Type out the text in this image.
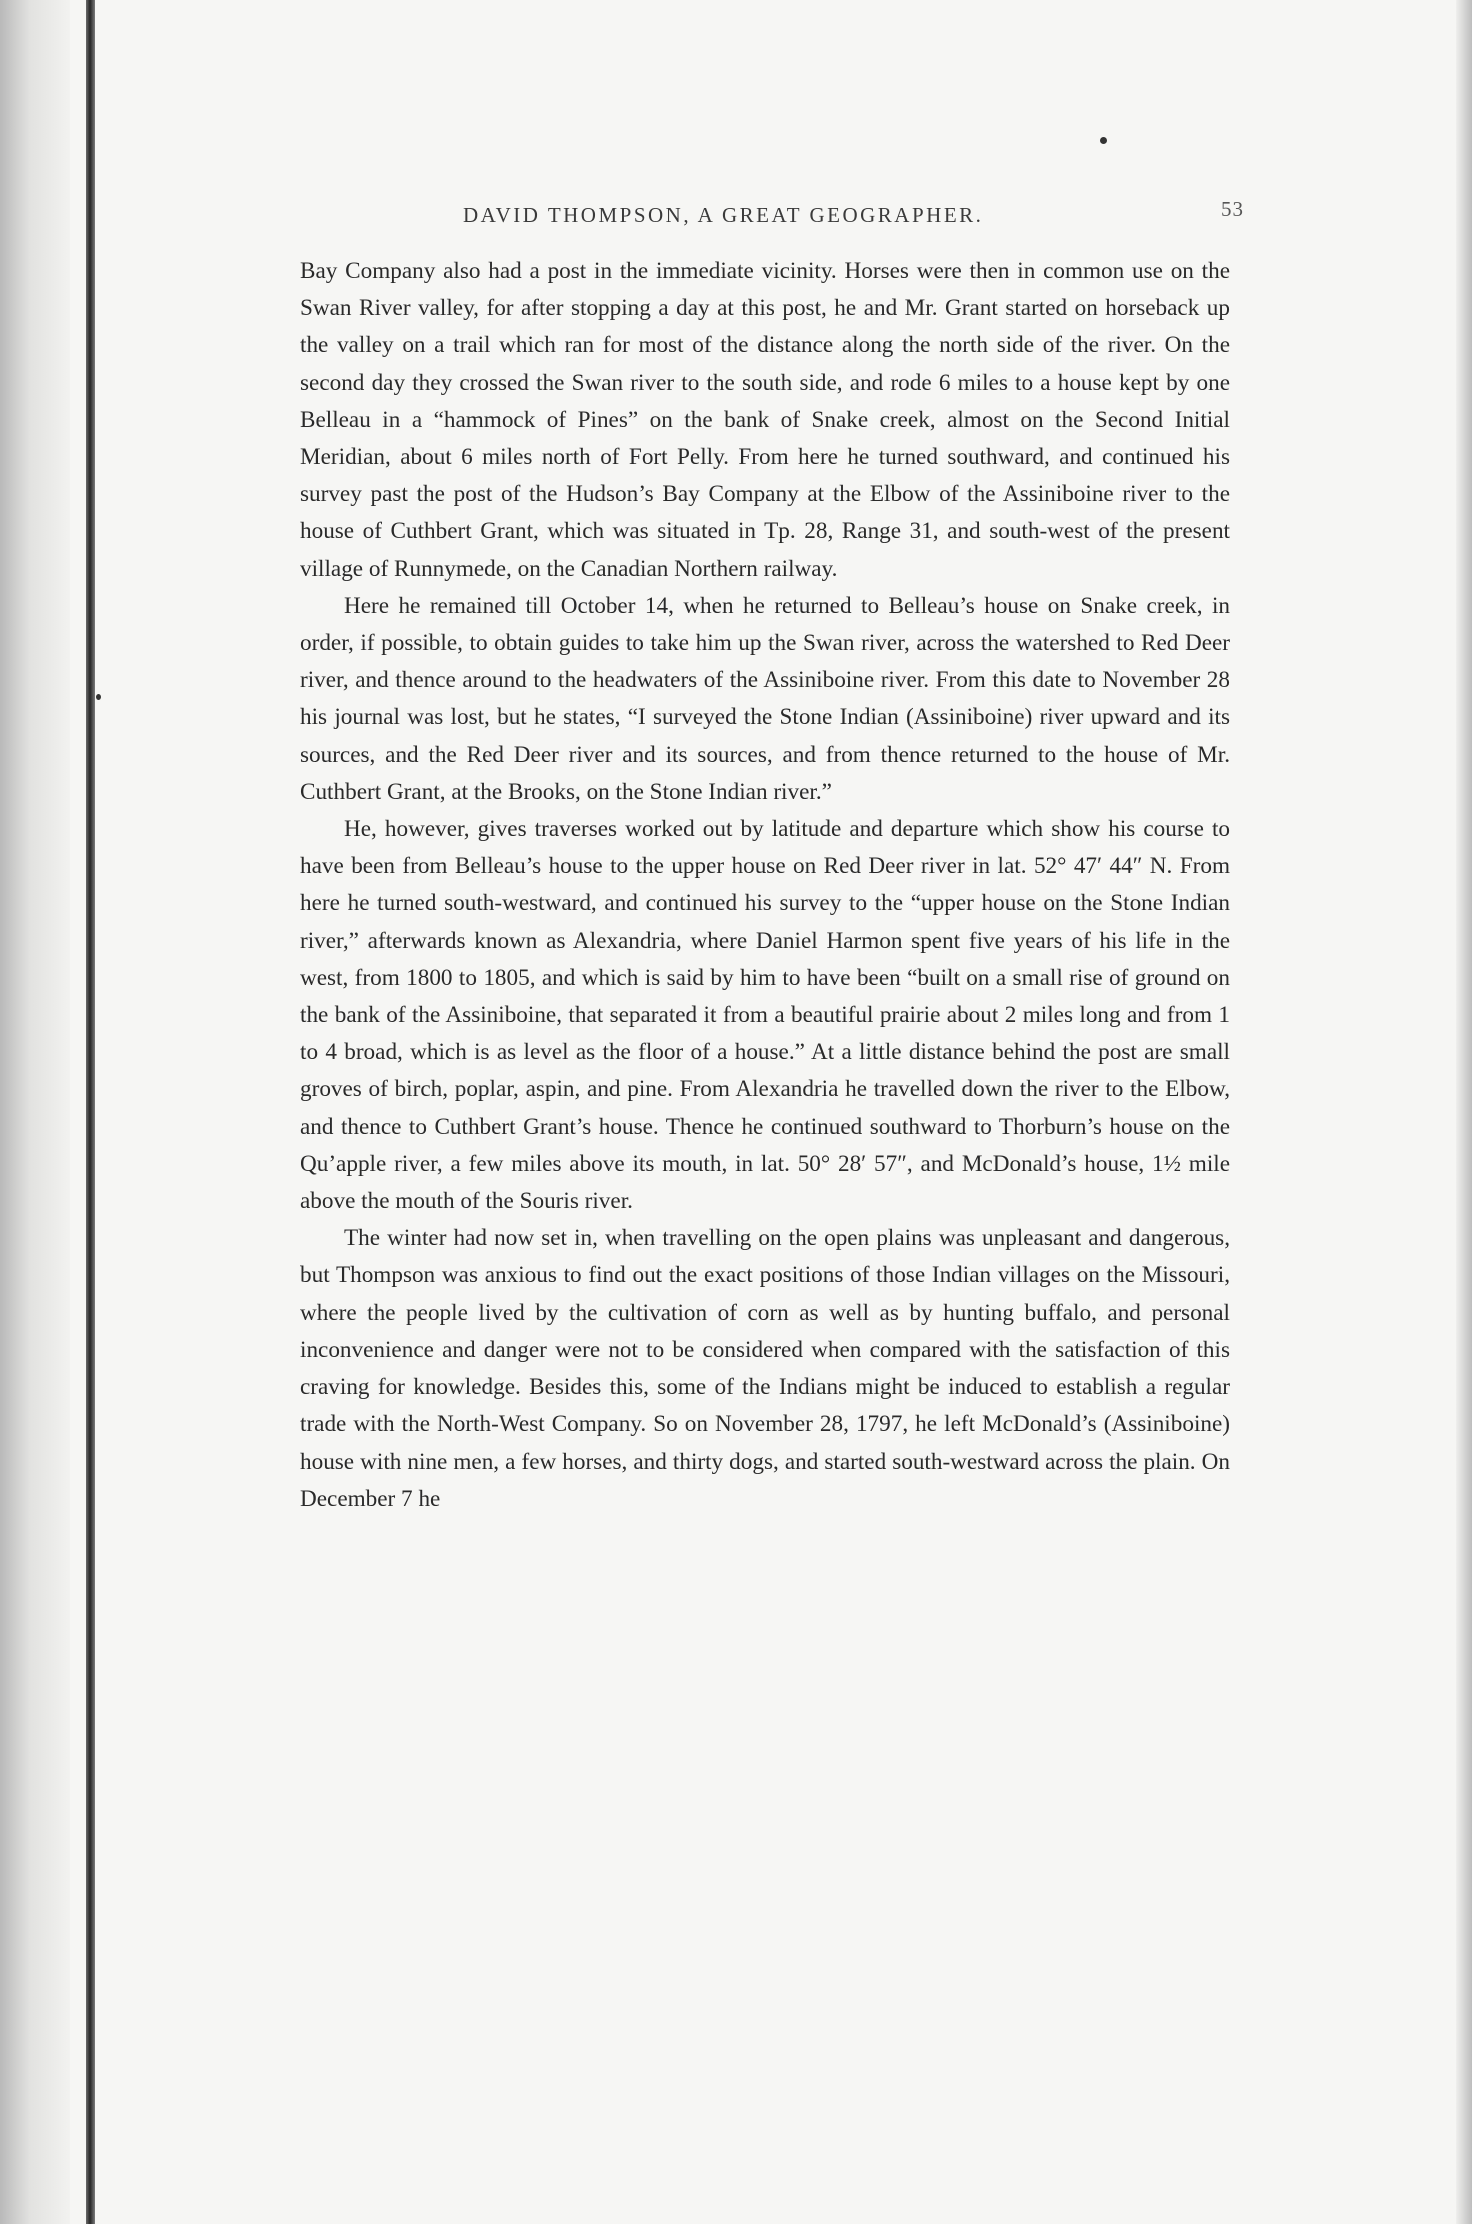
DAVID THOMPSON, A GREAT GEOGRAPHER.	53

Bay Company also had a post in the immediate vicinity. Horses were then in common use on the Swan River valley, for after stopping a day at this post, he and Mr. Grant started on horseback up the valley on a trail which ran for most of the distance along the north side of the river. On the second day they crossed the Swan river to the south side, and rode 6 miles to a house kept by one Belleau in a “hammock of Pines” on the bank of Snake creek, almost on the Second Initial Meridian, about 6 miles north of Fort Pelly. From here he turned southward, and continued his survey past the post of the Hudson’s Bay Company at the Elbow of the Assiniboine river to the house of Cuthbert Grant, which was situated in Tp. 28, Range 31, and south-west of the present village of Runnymede, on the Canadian Northern railway.

Here he remained till October 14, when he returned to Belleau’s house on Snake creek, in order, if possible, to obtain guides to take him up the Swan river, across the watershed to Red Deer river, and thence around to the headwaters of the Assiniboine river. From this date to November 28 his journal was lost, but he states, “I surveyed the Stone Indian (Assiniboine) river upward and its sources, and the Red Deer river and its sources, and from thence returned to the house of Mr. Cuthbert Grant, at the Brooks, on the Stone Indian river.”

He, however, gives traverses worked out by latitude and departure which show his course to have been from Belleau’s house to the upper house on Red Deer river in lat. 52° 47′ 44″ N. From here he turned south-westward, and continued his survey to the “upper house on the Stone Indian river,” afterwards known as Alexandria, where Daniel Harmon spent five years of his life in the west, from 1800 to 1805, and which is said by him to have been “built on a small rise of ground on the bank of the Assiniboine, that separated it from a beautiful prairie about 2 miles long and from 1 to 4 broad, which is as level as the floor of a house.” At a little distance behind the post are small groves of birch, poplar, aspin, and pine. From Alexandria he travelled down the river to the Elbow, and thence to Cuthbert Grant’s house. Thence he continued southward to Thorburn’s house on the Qu’apple river, a few miles above its mouth, in lat. 50° 28′ 57″, and McDonald’s house, 1½ mile above the mouth of the Souris river.

The winter had now set in, when travelling on the open plains was unpleasant and dangerous, but Thompson was anxious to find out the exact positions of those Indian villages on the Missouri, where the people lived by the cultivation of corn as well as by hunting buffalo, and personal inconvenience and danger were not to be considered when compared with the satisfaction of this craving for knowledge. Besides this, some of the Indians might be induced to establish a regular trade with the North-West Company. So on November 28, 1797, he left McDonald’s (Assiniboine) house with nine men, a few horses, and thirty dogs, and started south-westward across the plain. On December 7 he
